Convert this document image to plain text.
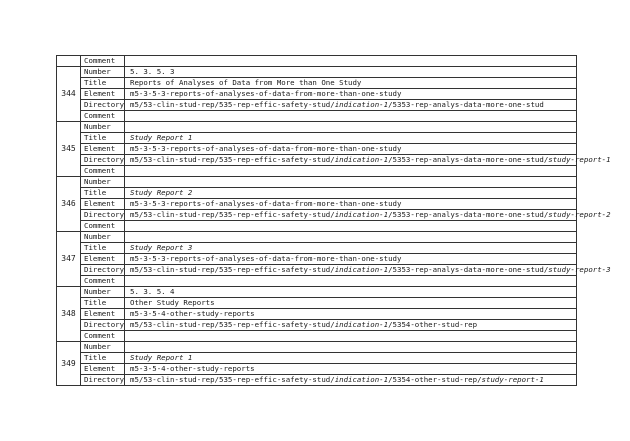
	Comment	
344	Number	5. 3. 5. 3
	Title	Reports of Analyses of Data from More than One Study
	Element	m5-3-5-3-reports-of-analyses-of-data-from-more-than-one-study
	Directory	m5/53-clin-stud-rep/535-rep-effic-safety-stud/indication-1/5353-rep-analys-data-more-one-stud
	Comment	
345	Number	
	Title	Study Report 1
	Element	m5-3-5-3-reports-of-analyses-of-data-from-more-than-one-study
	Directory	m5/53-clin-stud-rep/535-rep-effic-safety-stud/indication-1/5353-rep-analys-data-more-one-stud/study-report-1
	Comment	
346	Number	
	Title	Study Report 2
	Element	m5-3-5-3-reports-of-analyses-of-data-from-more-than-one-study
	Directory	m5/53-clin-stud-rep/535-rep-effic-safety-stud/indication-1/5353-rep-analys-data-more-one-stud/study-report-2
	Comment	
347	Number	
	Title	Study Report 3
	Element	m5-3-5-3-reports-of-analyses-of-data-from-more-than-one-study
	Directory	m5/53-clin-stud-rep/535-rep-effic-safety-stud/indication-1/5353-rep-analys-data-more-one-stud/study-report-3
	Comment	
348	Number	5. 3. 5. 4
	Title	Other Study Reports
	Element	m5-3-5-4-other-study-reports
	Directory	m5/53-clin-stud-rep/535-rep-effic-safety-stud/indication-1/5354-other-stud-rep
	Comment	
349	Number	
	Title	Study Report 1
	Element	m5-3-5-4-other-study-reports
	Directory	m5/53-clin-stud-rep/535-rep-effic-safety-stud/indication-1/5354-other-stud-rep/study-report-1
